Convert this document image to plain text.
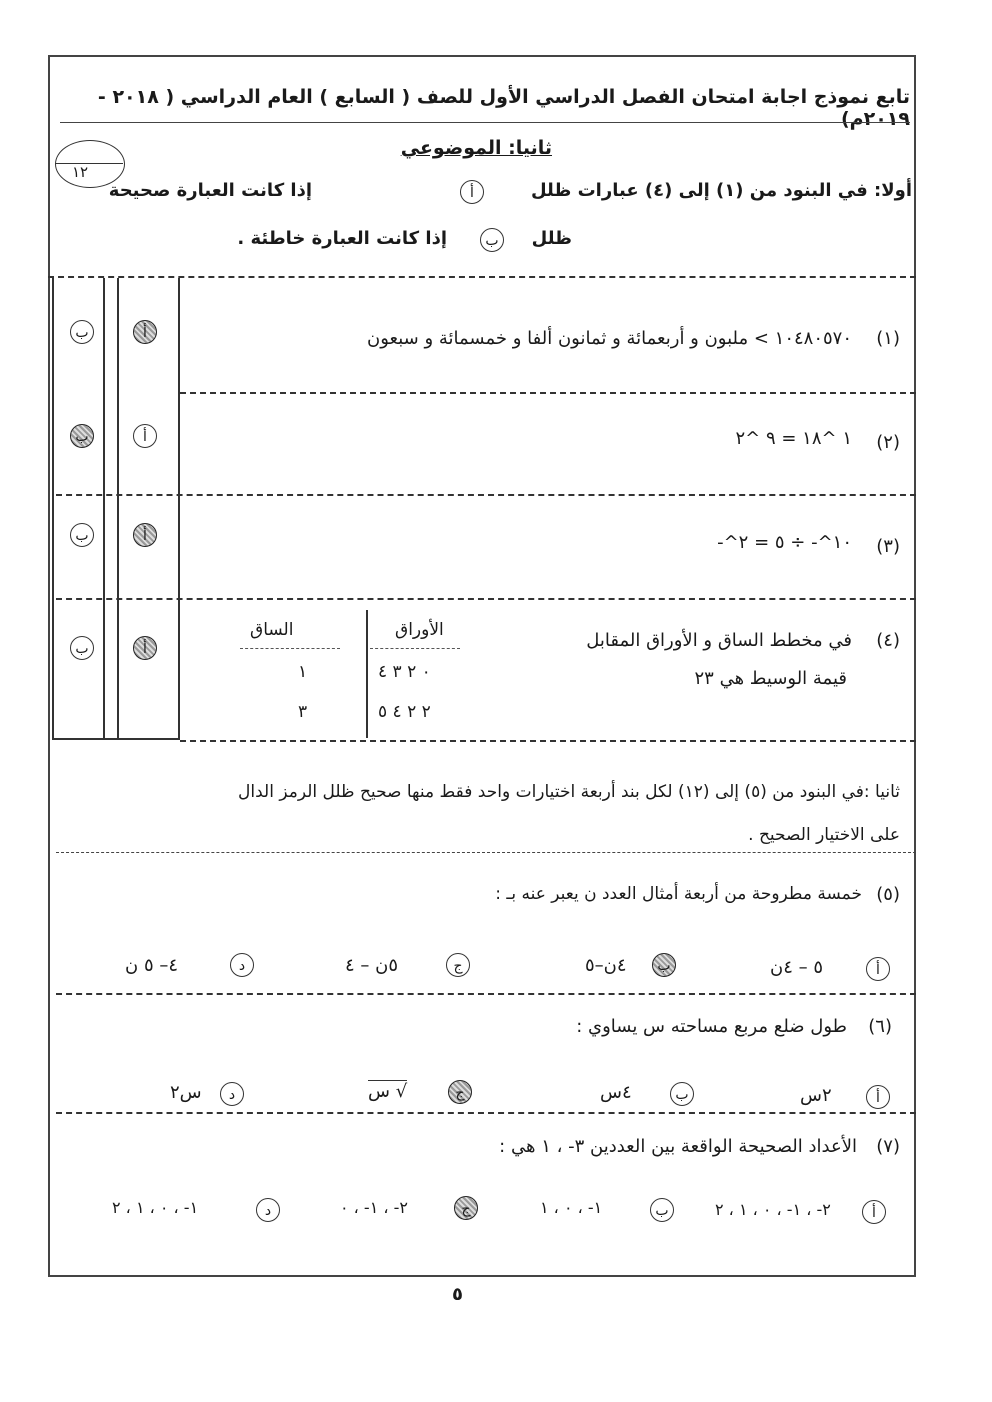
تابع نموذج اجابة امتحان الفصل الدراسي الأول للصف ( السابع ) العام الدراسي ( ٢٠١٨ - ٢٠١٩م)
١٢
ثانيا: الموضوعي
أولا: في البنود من (١) إلى (٤) عبارات ظلل
أ
إذا كانت العبارة صحيحة
ظلل
ب
إذا كانت العبارة خاطئة .
(١)
١٠٤٨٠٥٧٠ > ملبون و أربعمائة و ثمانون ألفا و خمسمائة و سبعون
أ
ب
(٢)
١ ^١٨ = ٩ ^٢
أ
ب
(٣)
١٠^- ÷ ٥ = ٢^-
أ
ب
(٤)
في مخطط الساق و الأوراق المقابل
قيمة الوسيط هي ٢٣
أ
ب
الساق	الأوراق
١	٠ ٢ ٣ ٤
٣	٢ ٢ ٤ ٥
ثانيا :في البنود من (٥) إلى (١٢) لكل بند أربعة اختيارات واحد فقط منها صحيح ظلل الرمز الدال
على الاختيار الصحيح .
(٥)
خمسة مطروحة من أربعة أمثال العدد ن يعبر عنه بـ :
أ
٥ – ٤ن
ب
٤ن–٥
ج
٥ن – ٤
د
٤– ٥ ن
(٦)
طول ضلع مربع مساحته س يساوي :
أ
٢س
ب
٤س
ج
√ س
د
س٢
(٧)
الأعداد الصحيحة الواقعة بين العددين ٣- ، ١ هي :
أ
٢- ، ١- ، ٠ ، ١ ، ٢
ب
١- ، ٠ ، ١
ج
٢- ، ١- ، ٠
د
١- ، ٠ ، ١ ، ٢
٥
